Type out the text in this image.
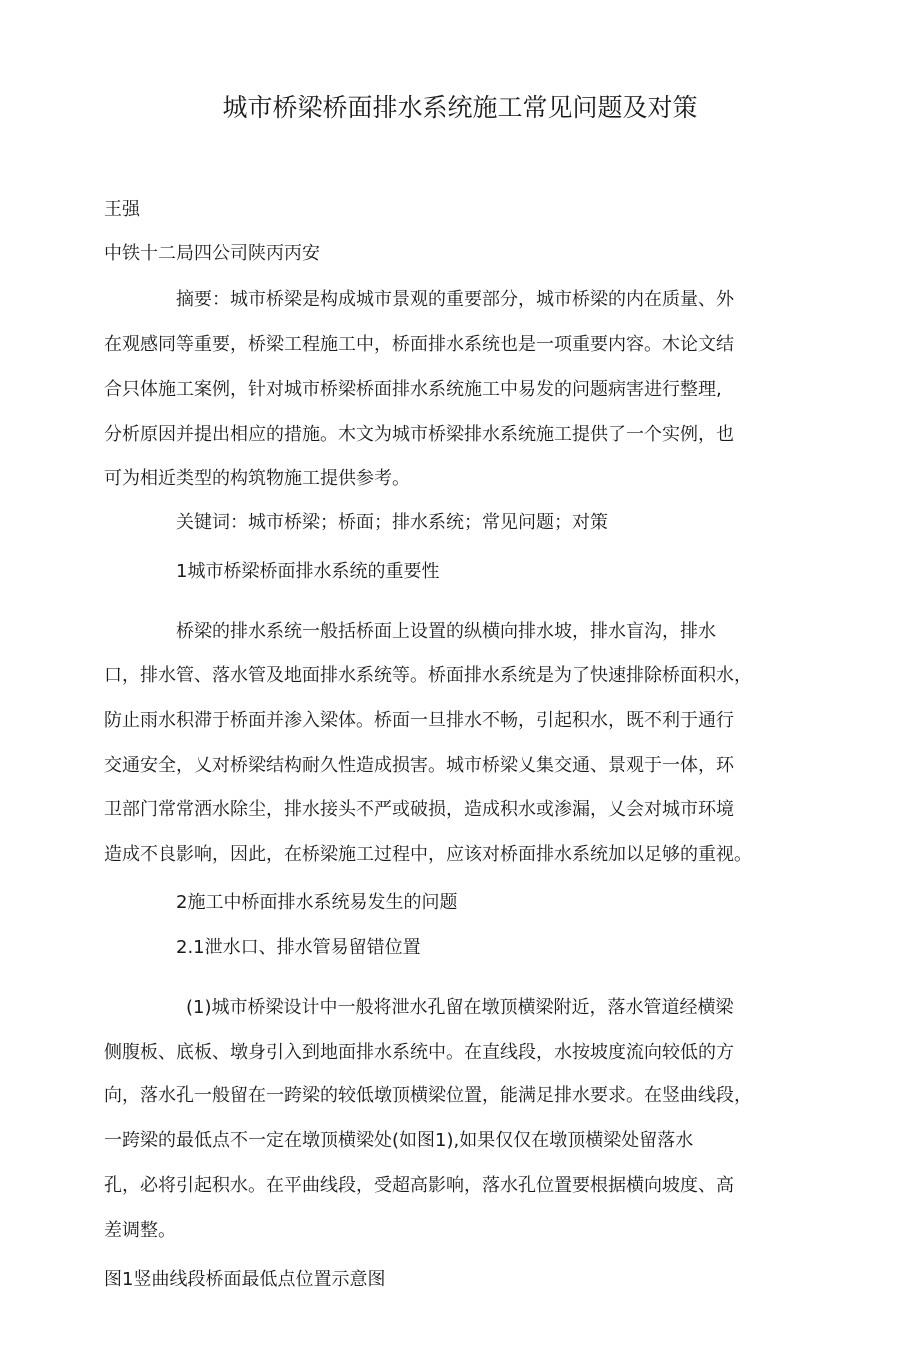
城市桥梁桥面排水系统施工常见问题及对策
王强
中铁十二局四公司陕丙丙安
摘要：城市桥梁是构成城市景观的重要部分，城市桥梁的内在质量、外
在观感同等重要，桥梁工程施工中，桥面排水系统也是一项重要内容。木论文结
合只体施工案例，针对城市桥梁桥面排水系统施工中易发的问题病害进行整理,
分析原因并提出相应的措施。木文为城市桥梁排水系统施工提供了一个实例，也
可为相近类型的构筑物施工提供参考。
关键词：城市桥梁；桥面；排水系统；常见问题；对策
1城市桥梁桥面排水系统的重要性
桥梁的排水系统一般括桥面上设置的纵横向排水坡，排水盲沟，排水
口，排水管、落水管及地面排水系统等。桥面排水系统是为了快速排除桥面积水，
防止雨水积滞于桥面并渗入梁体。桥面一旦排水不畅，引起积水，既不利于通行
交通安全，乂对桥梁结构耐久性造成损害。城市桥梁乂集交通、景观于一体，环
卫部门常常洒水除尘，排水接头不严或破损，造成积水或渗漏，乂会对城市环境
造成不良影响，因此，在桥梁施工过程中，应该对桥面排水系统加以足够的重视。
2施工中桥面排水系统易发生的问题
2.1泄水口、排水管易留错位置
(1)城市桥梁设计中一般将泄水孔留在墩顶横梁附近，落水管道经横梁
侧腹板、底板、墩身引入到地面排水系统中。在直线段，水按坡度流向较低的方
向，落水孔一般留在一跨梁的较低墩顶横梁位置，能满足排水要求。在竖曲线段，
一跨梁的最低点不一定在墩顶横梁处(如图1),如果仅仅在墩顶横梁处留落水
孔，必将引起积水。在平曲线段，受超高影响，落水孔位置要根据横向坡度、高
差调整。
图1竖曲线段桥面最低点位置示意图
